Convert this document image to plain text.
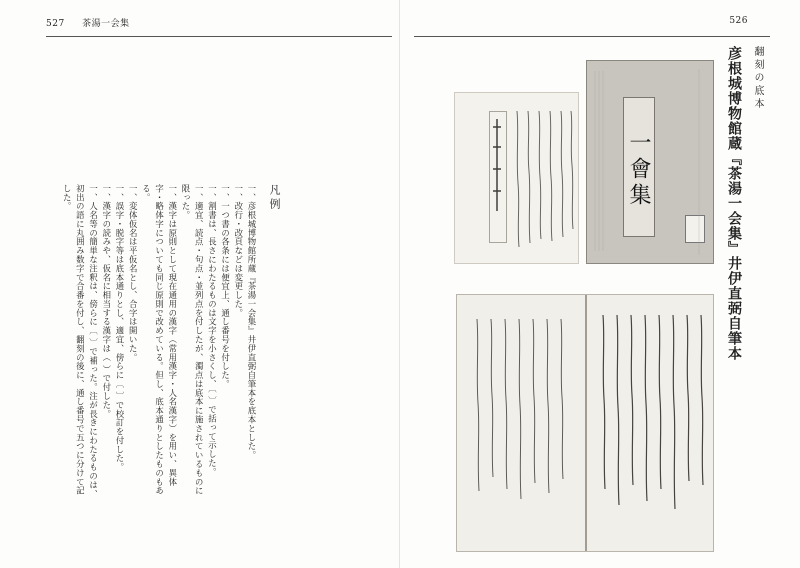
527 茶湯一会集	526
凡例
一、彦根城博物館所蔵『茶湯一会集』井伊直弼自筆本を底本とした。
一、改行・改頁などは変更した。
一、一つ書の各条には便宜上、通し番号を付した。
一、割書は、長さにわたるものは文字を小さくし、〔 〕で括って示した。
一、適宜、読点・句点・並列点を付したが、濁点は底本に施されているものに限った。
一、漢字は原則として現在通用の漢字（常用漢字・人名漢字）を用い、異体字・略体字についても同じ原則で改めている。但し、底本通りとしたものもある。
一、変体仮名は平仮名とし、合字は開いた。
一、誤字・脱字等は底本通りとし、適宜、傍らに〔 〕で校訂を付した。
一、漢字の読みや、仮名に相当する漢字は（ ）で付した。
一、人名等の簡単な注釈は、傍らに〔 〕で補った。注が長きにわたるものは、初出の語に丸囲み数字で合番を付し、翻刻の後に、通し番号で五つに分けて記した。
翻刻の底本
彦根城博物館蔵『茶湯一会集』井伊直弼自筆本
一會集
